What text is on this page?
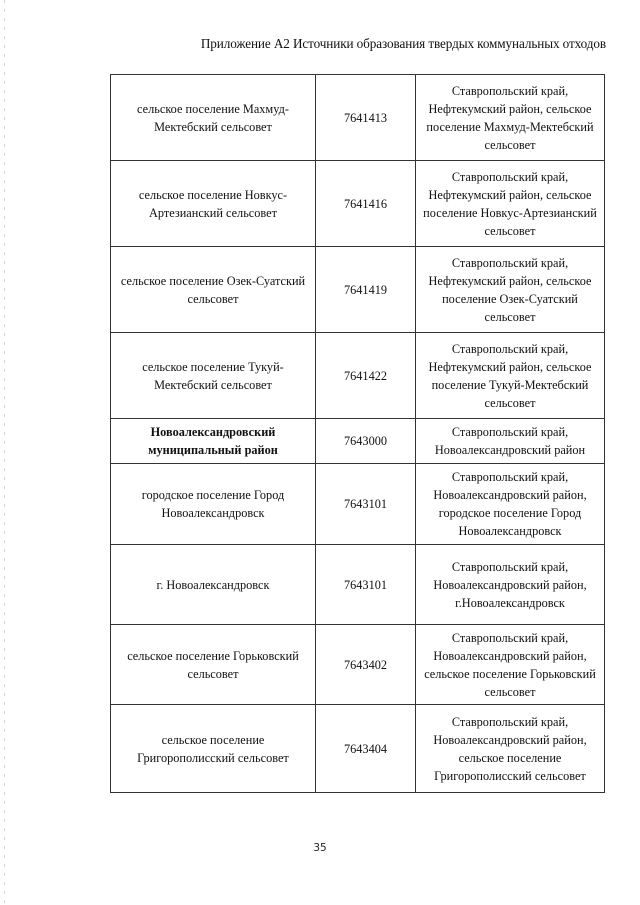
Приложение А2 Источники образования твердых коммунальных отходов
сельское поселение Махмуд-Мектебский сельсовет	7641413	Ставропольский край, Нефтекумский район, сельское поселение Махмуд-Мектебский сельсовет
сельское поселение Новкус-Артезианский сельсовет	7641416	Ставропольский край, Нефтекумский район, сельское поселение Новкус-Артезианский сельсовет
сельское поселение Озек-Суатский сельсовет	7641419	Ставропольский край, Нефтекумский район, сельское поселение Озек-Суатский сельсовет
сельское поселение Тукуй-Мектебский сельсовет	7641422	Ставропольский край, Нефтекумский район, сельское поселение Тукуй-Мектебский сельсовет
Новоалександровский муниципальный район	7643000	Ставропольский край, Новоалександровский район
городское поселение Город Новоалександровск	7643101	Ставропольский край, Новоалександровский район, городское поселение Город Новоалександровск
г. Новоалександровск	7643101	Ставропольский край, Новоалександровский район, г.Новоалександровск
сельское поселение Горьковский сельсовет	7643402	Ставропольский край, Новоалександровский район, сельское поселение Горьковский сельсовет
сельское поселение Григорополисский сельсовет	7643404	Ставропольский край, Новоалександровский район, сельское поселение Григорополисский сельсовет
35
